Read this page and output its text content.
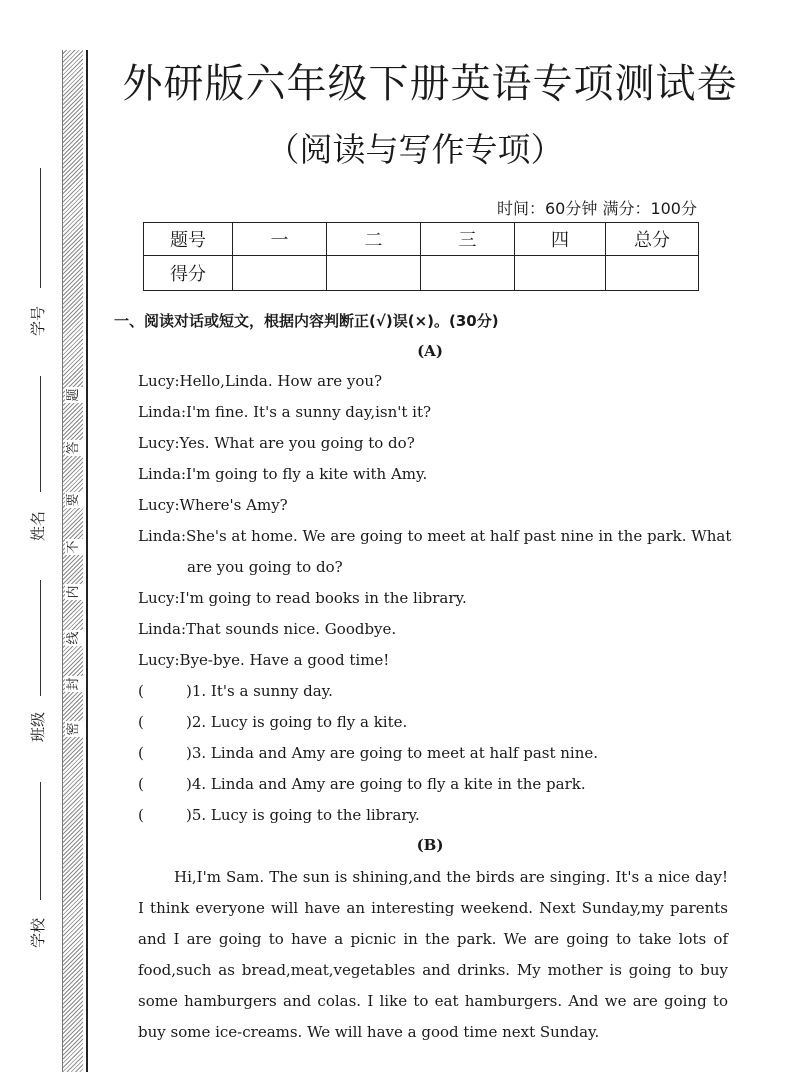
学号
姓名
班级
学校
密
封
线
内
不
要
答
题
外研版六年级下册英语专项测试卷
（阅读与写作专项）
时间：60分钟 满分：100分
题号	一	二	三	四	总分
得分					
一、阅读对话或短文，根据内容判断正(√)误(×)。(30分)
(A)
Lucy:Hello,Linda. How are you?
Linda:I'm fine. It's a sunny day,isn't it?
Lucy:Yes. What are you going to do?
Linda:I'm going to fly a kite with Amy.
Lucy:Where's Amy?
Linda:She's at home. We are going to meet at half past nine in the park. What
are you going to do?
Lucy:I'm going to read books in the library.
Linda:That sounds nice. Goodbye.
Lucy:Bye-bye. Have a good time!
(	)1. It's a sunny day.
(	)2. Lucy is going to fly a kite.
(	)3. Linda and Amy are going to meet at half past nine.
(	)4. Linda and Amy are going to fly a kite in the park.
(	)5. Lucy is going to the library.
(B)
Hi,I'm Sam. The sun is shining,and the birds are singing. It's a nice day! I think everyone will have an interesting weekend. Next Sunday,my parents and I are going to have a picnic in the park. We are going to take lots of food,such as bread,meat,vegetables and drinks. My mother is going to buy some hamburgers and colas. I like to eat hamburgers. And we are going to buy some ice-creams. We will have a good time next Sunday.
